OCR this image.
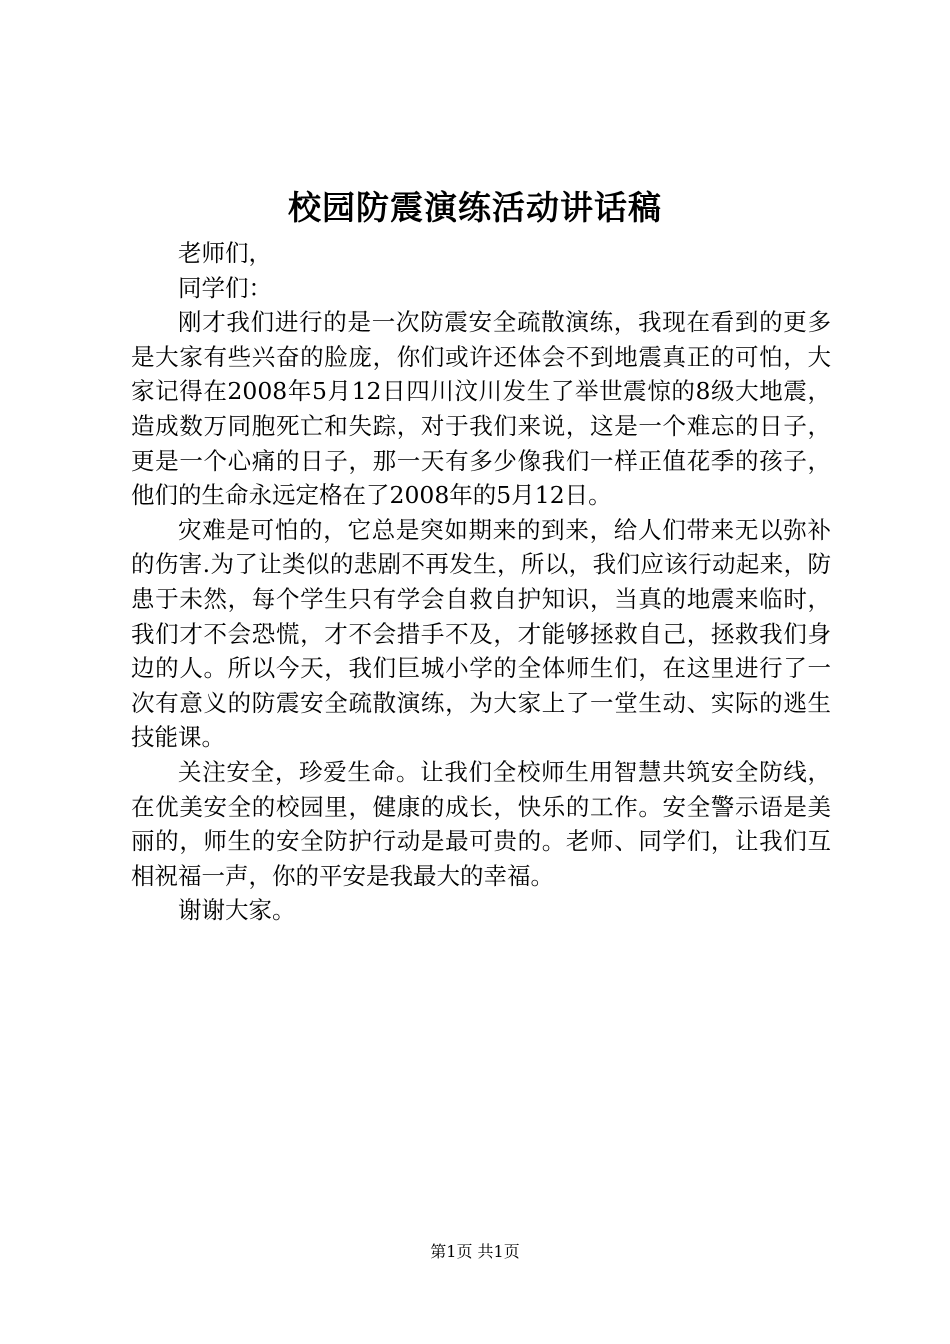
校园防震演练活动讲话稿

老师们，

同学们：

刚才我们进行的是一次防震安全疏散演练，我现在看到的更多是大家有些兴奋的脸庞，你们或许还体会不到地震真正的可怕，大家记得在2008年5月12日四川汶川发生了举世震惊的8级大地震，造成数万同胞死亡和失踪，对于我们来说，这是一个难忘的日子，更是一个心痛的日子，那一天有多少像我们一样正值花季的孩子，他们的生命永远定格在了2008年的5月12日。

灾难是可怕的，它总是突如期来的到来，给人们带来无以弥补的伤害.为了让类似的悲剧不再发生，所以，我们应该行动起来，防患于未然，每个学生只有学会自救自护知识，当真的地震来临时，我们才不会恐慌，才不会措手不及，才能够拯救自己，拯救我们身边的人。所以今天，我们巨城小学的全体师生们，在这里进行了一次有意义的防震安全疏散演练，为大家上了一堂生动、实际的逃生技能课。

关注安全，珍爱生命。让我们全校师生用智慧共筑安全防线，在优美安全的校园里，健康的成长，快乐的工作。安全警示语是美丽的，师生的安全防护行动是最可贵的。老师、同学们，让我们互相祝福一声，你的平安是我最大的幸福。

谢谢大家。

第1页 共1页
